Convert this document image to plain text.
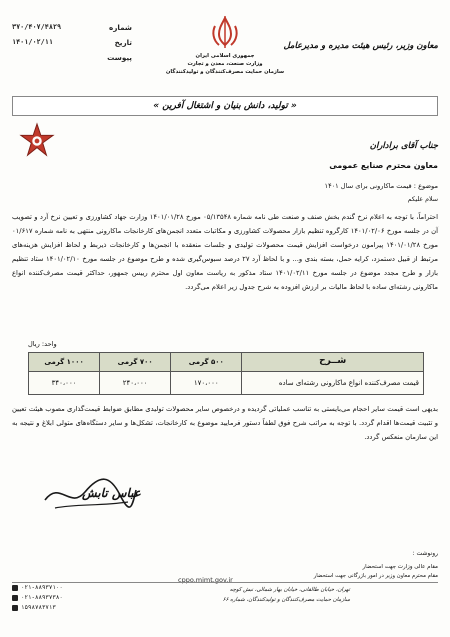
شماره
۳۷۰/۴۰۷/۴۸۲۹
تاریخ
۱۴۰۱/۰۲/۱۱
پیوست	جمهوری اسلامی ایران
وزارت صنعت، معدن و تجارت
سازمان حمایت مصرف‌کنندگان و تولیدکنندگان
معاون وزیر، رئیس هیئت مدیره و مدیرعامل
« تولید، دانش بنیان و اشتغال آفرین »
جناب آقای براداران
معاون محترم صنایع عمومی
موضوع : قیمت ماکارونی برای سال ۱۴۰۱
سلام علیکم
احتراماً، با توجه به اعلام نرخ گندم بخش صنف و صنعت طی نامه شماره ۰۵/۱۳۵۴۸ مورخ ۱۴۰۱/۰۱/۲۸ وزارت جهاد کشاورزی و تعیین نرخ آرد و تصویب آن در جلسه مورخ ۱۴۰۱/۰۲/۰۶ کارگروه تنظیم بازار محصولات کشاورزی و مکاتبات متعدد انجمن‌های کارخانجات ماکارونی منتهی به نامه شماره ۰۱/۶۱۷ مورخ ۱۴۰۱/۰۱/۲۸ پیرامون درخواست افزایش قیمت محصولات تولیدی و جلسات منعقده با انجمن‌ها و کارخانجات ذیربط و لحاظ افزایش هزینه‌های مرتبط از قبیل دستمزد، کرایه حمل، بسته بندی و... و با لحاظ آرد ۲۷ درصد سبوس‌گیری شده و طرح موضوع در جلسه مورخ ۱۴۰۱/۰۲/۱۰ ستاد تنظیم بازار و طرح مجدد موضوع در جلسه مورخ ۱۴۰۱/۰۲/۱۱ ستاد مذکور به ریاست معاون اول محترم رییس جمهور، حداکثر قیمت مصرف‌کننده انواع ماکارونی رشته‌ای ساده با لحاظ مالیات بر ارزش افزوده به شرح جدول زیر اعلام می‌گردد.
واحد: ریال
شــرح	۵۰۰ گرمی	۷۰۰ گرمی	۱۰۰۰ گرمی
قیمت مصرف‌کننده انواع ماکارونی رشته‌ای ساده	۱۷۰،۰۰۰	۲۴۰،۰۰۰	۳۴۰،۰۰۰
بدیهی است قیمت سایر احجام می‌بایستی به تناسب عملیاتی گردیده و درخصوص سایر محصولات تولیدی مطابق ضوابط قیمت‌گذاری مصوب هیئت تعیین و تثبیت قیمت‌ها اقدام گردد. با توجه به مراتب شرح فوق لطفاً دستور فرمایید موضوع به کارخانجات، تشکل‌ها و سایر دستگاه‌های متولی ابلاغ و نتیجه به این سازمان منعکس گردد.
عباس تابش
رونوشت :
مقام عالی وزارت جهت استحضار
مقام محترم معاون وزیر در امور بازرگانی جهت استحضار
cppo.mimt.gov.ir
۰۲۱-۸۸۹۳۷۱۰۰
۰۲۱-۸۸۹۳۷۳۸۰
۱۵۹۸۷۸۳۷۱۳
تهران، خیابان طالقانی، خیابان بهار شمالی، نبش کوچه
سازمان حمایت مصرف‌کنندگان و تولیدکنندگان، شماره ۶۶
